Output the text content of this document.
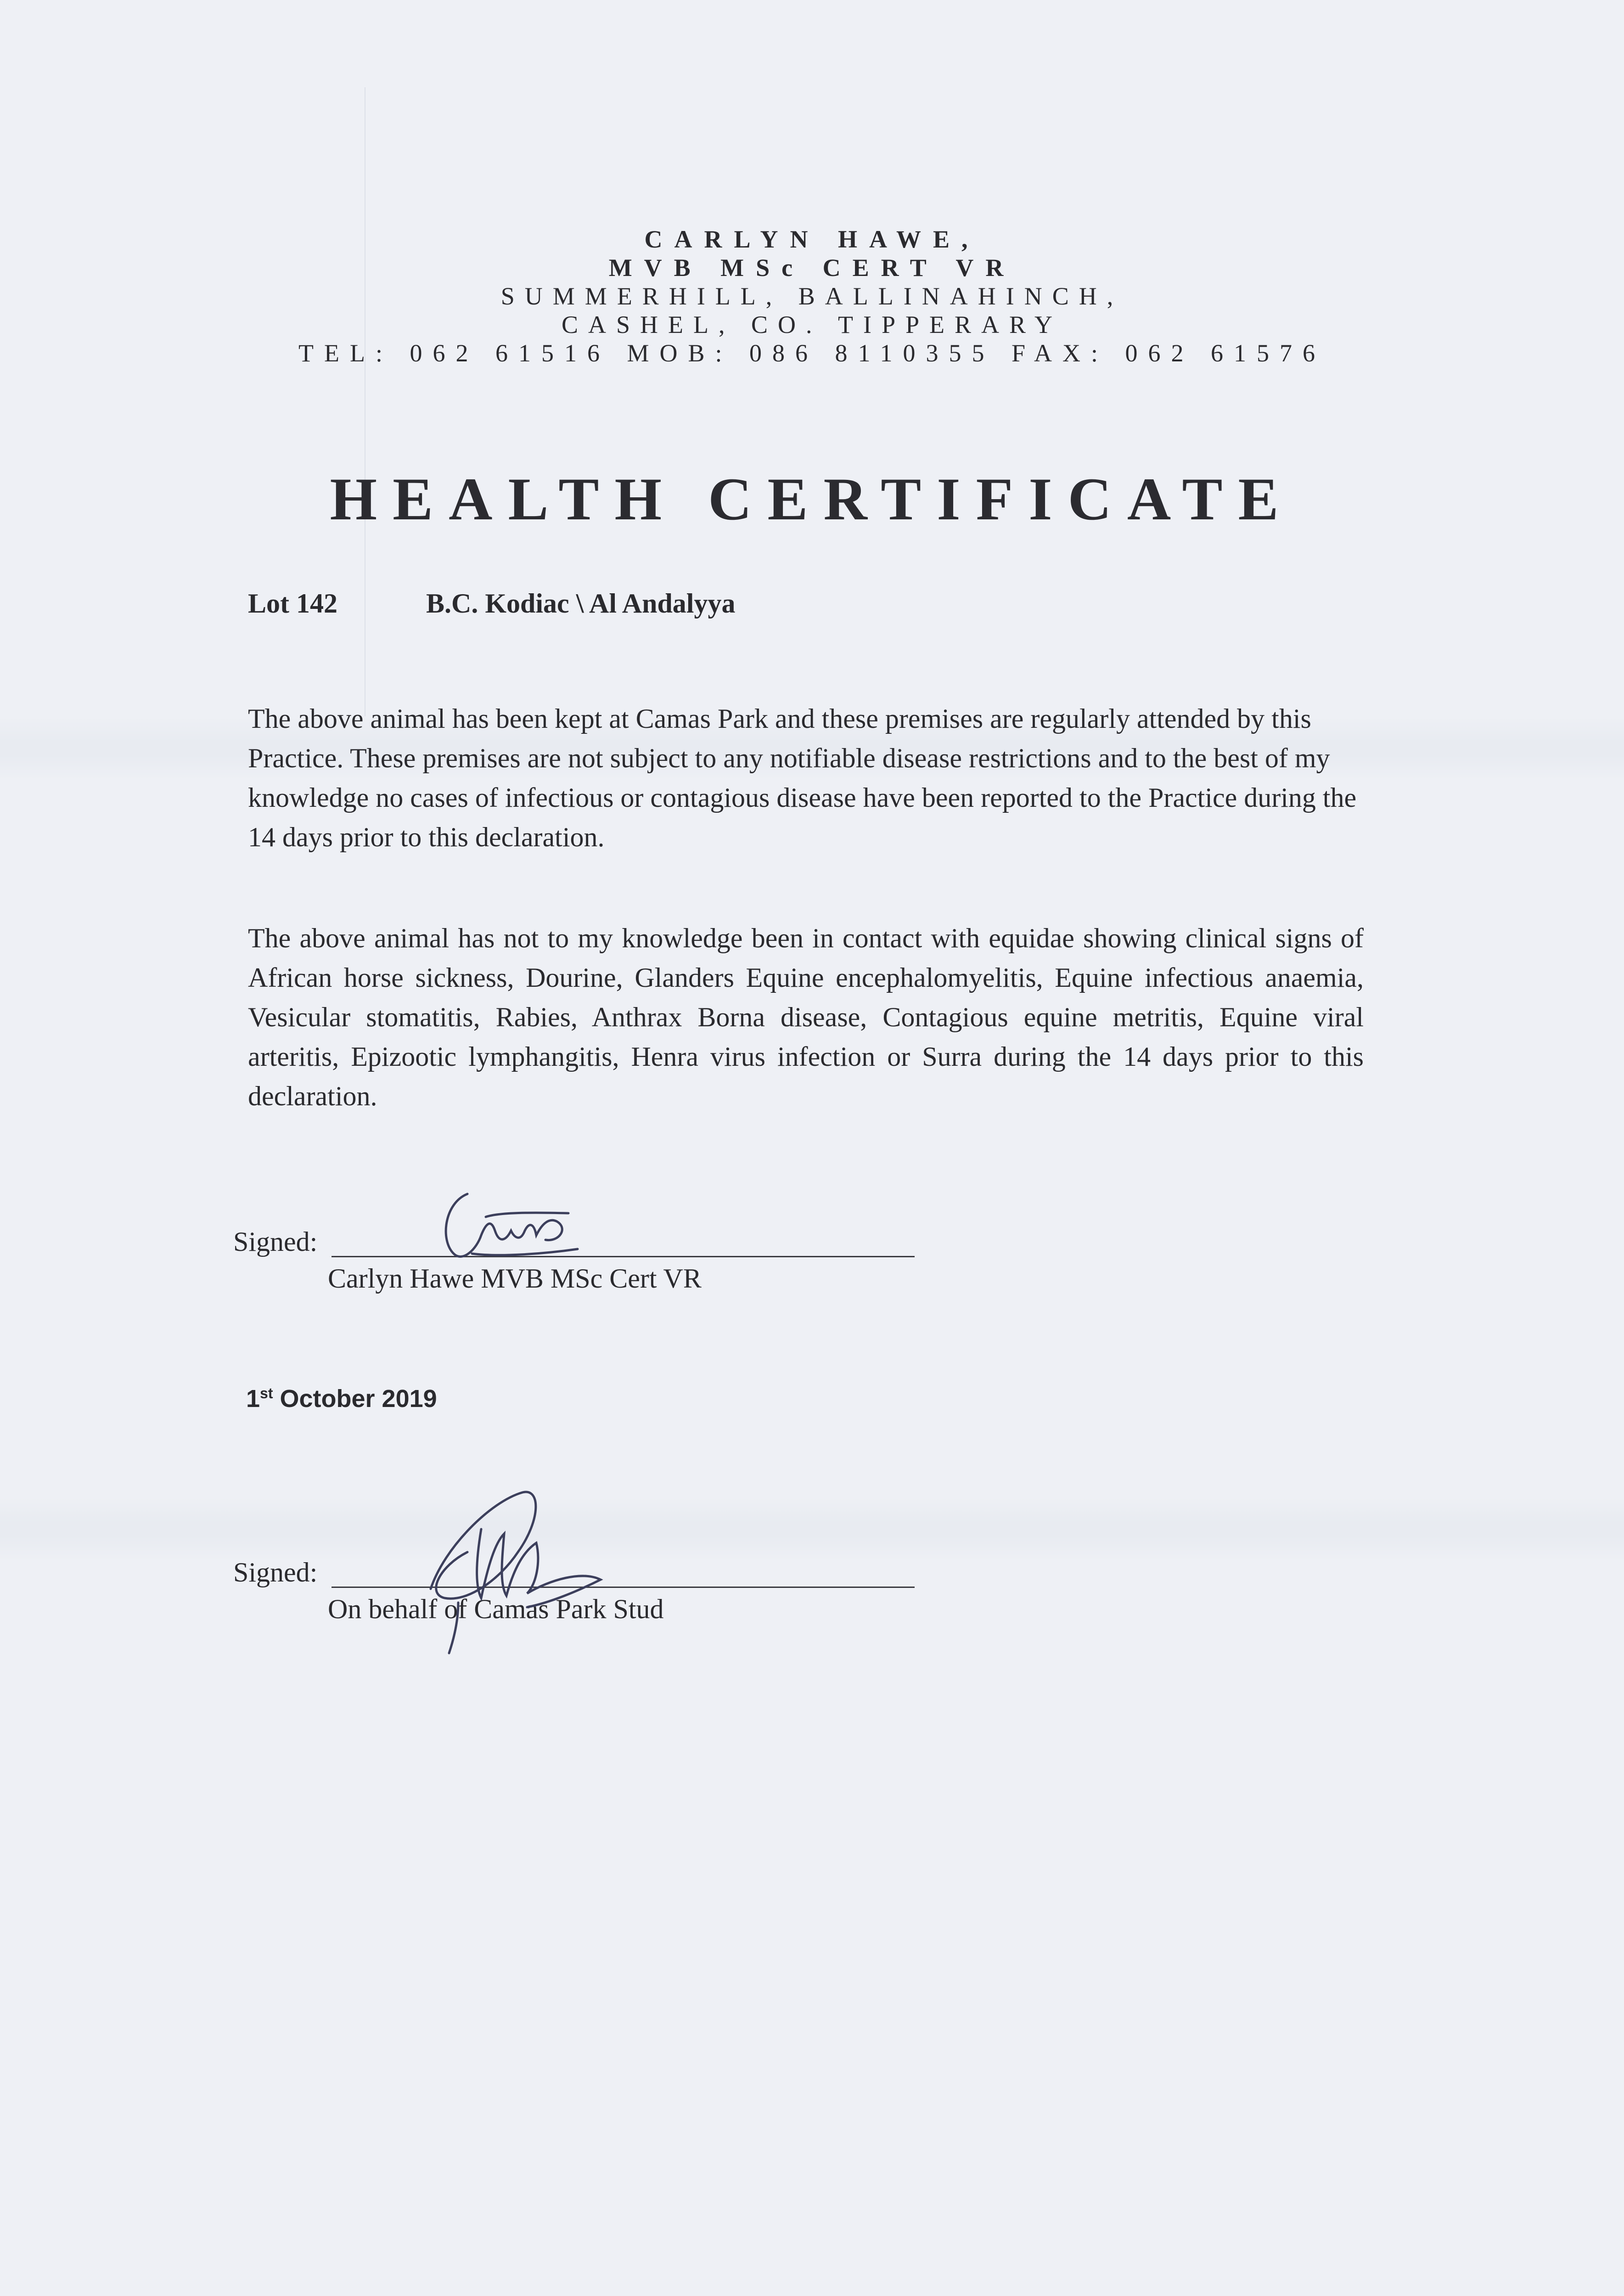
CARLYN HAWE,
MVB MSc CERT VR
SUMMERHILL, BALLINAHINCH,
CASHEL, CO. TIPPERARY
TEL: 062 61516 MOB: 086 8110355 FAX: 062 61576
HEALTH CERTIFICATE
Lot 142	B.C. Kodiac \ Al Andalyya

The above animal has been kept at Camas Park and these premises are regularly attended by this Practice. These premises are not subject to any notifiable disease restrictions and to the best of my knowledge no cases of infectious or contagious disease have been reported to the Practice during the 14 days prior to this declaration.

The above animal has not to my knowledge been in contact with equidae showing clinical signs of African horse sickness, Dourine, Glanders Equine encephalomyelitis, Equine infectious anaemia, Vesicular stomatitis, Rabies, Anthrax Borna disease, Contagious equine metritis, Equine viral arteritis, Epizootic lymphangitis, Henra virus infection or Surra during the 14 days prior to this declaration.

Signed:
Carlyn Hawe MVB MSc Cert VR
1st October 2019
Signed:
On behalf of Camas Park Stud
